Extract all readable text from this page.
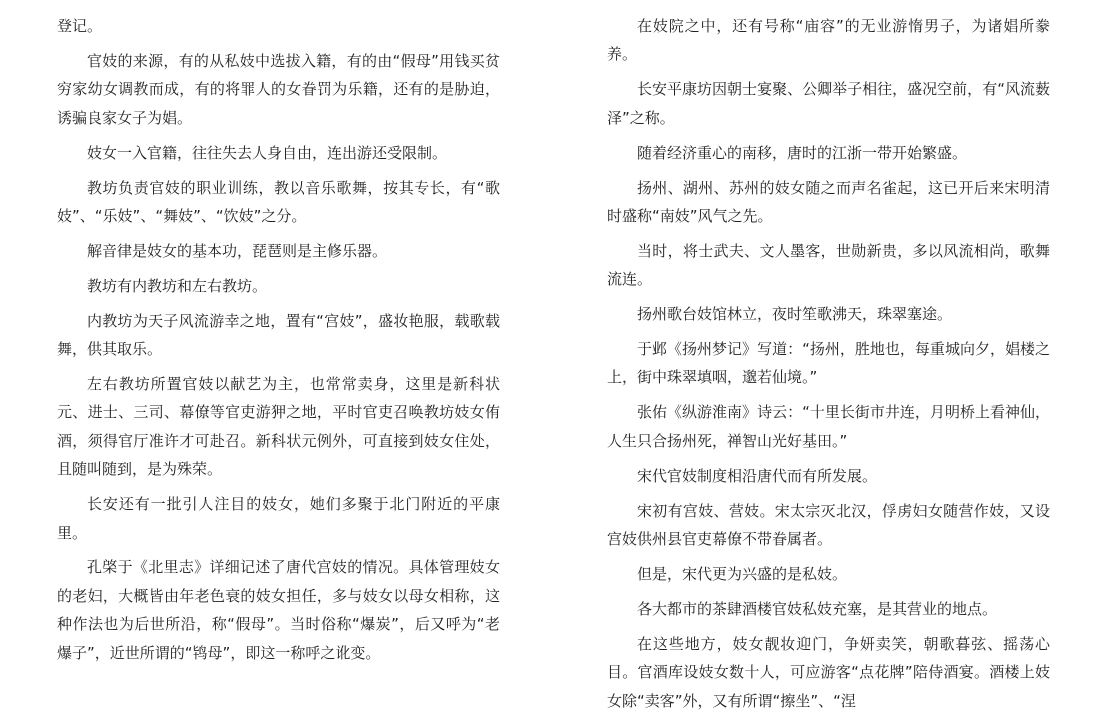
登记。

官妓的来源，有的从私妓中选拔入籍，有的由“假母”用钱买贫穷家幼女调教而成，有的将罪人的女眷罚为乐籍，还有的是胁迫，诱骗良家女子为娼。

妓女一入官籍，往往失去人身自由，连出游还受限制。

教坊负责官妓的职业训练，教以音乐歌舞，按其专长，有“歌妓”、“乐妓”、“舞妓”、“饮妓”之分。

解音律是妓女的基本功，琵琶则是主修乐器。

教坊有内教坊和左右教坊。

内教坊为天子风流游幸之地，置有“宫妓”，盛妆艳服，载歌载舞，供其取乐。

左右教坊所置官妓以献艺为主，也常常卖身，这里是新科状元、进士、三司、幕僚等官吏游狎之地，平时官吏召唤教坊妓女侑酒，须得官厅准许才可赴召。新科状元例外，可直接到妓女住处，且随叫随到，是为殊荣。

长安还有一批引人注目的妓女，她们多聚于北门附近的平康里。

孔棨于《北里志》详细记述了唐代宫妓的情况。具体管理妓女的老妇，大概皆由年老色衰的妓女担任，多与妓女以母女相称，这种作法也为后世所沿，称“假母”。当时俗称“爆炭”，后又呼为“老爆子”，近世所谓的“鸨母”，即这一称呼之讹变。

在妓院之中，还有号称“庙容”的无业游惰男子，为诸娼所豢养。

长安平康坊因朝士宴聚、公卿举子相往，盛况空前，有“风流薮泽”之称。

随着经济重心的南移，唐时的江浙一带开始繁盛。

扬州、湖州、苏州的妓女随之而声名雀起，这已开后来宋明清时盛称“南妓”风气之先。

当时，将士武夫、文人墨客，世勋新贵，多以风流相尚，歌舞流连。

扬州歌台妓馆林立，夜时笙歌沸天，珠翠塞途。

于邺《扬州梦记》写道：“扬州，胜地也，每重城向夕，娼楼之上，街中珠翠填咽，邈若仙境。”

张佑《纵游淮南》诗云：“十里长街市井连，月明桥上看神仙，人生只合扬州死，禅智山光好基田。”

宋代官妓制度相沿唐代而有所发展。

宋初有宫妓、营妓。宋太宗灭北汉，俘虏妇女随营作妓，又设宫妓供州县官吏幕僚不带眷属者。

但是，宋代更为兴盛的是私妓。

各大都市的茶肆酒楼官妓私妓充塞，是其营业的地点。

在这些地方，妓女靓妆迎门，争妍卖笑，朝歌暮弦、摇荡心目。官酒库设妓女数十人，可应游客“点花牌”陪侍酒宴。酒楼上妓女除“卖客”外，又有所谓“擦坐”、“涅
